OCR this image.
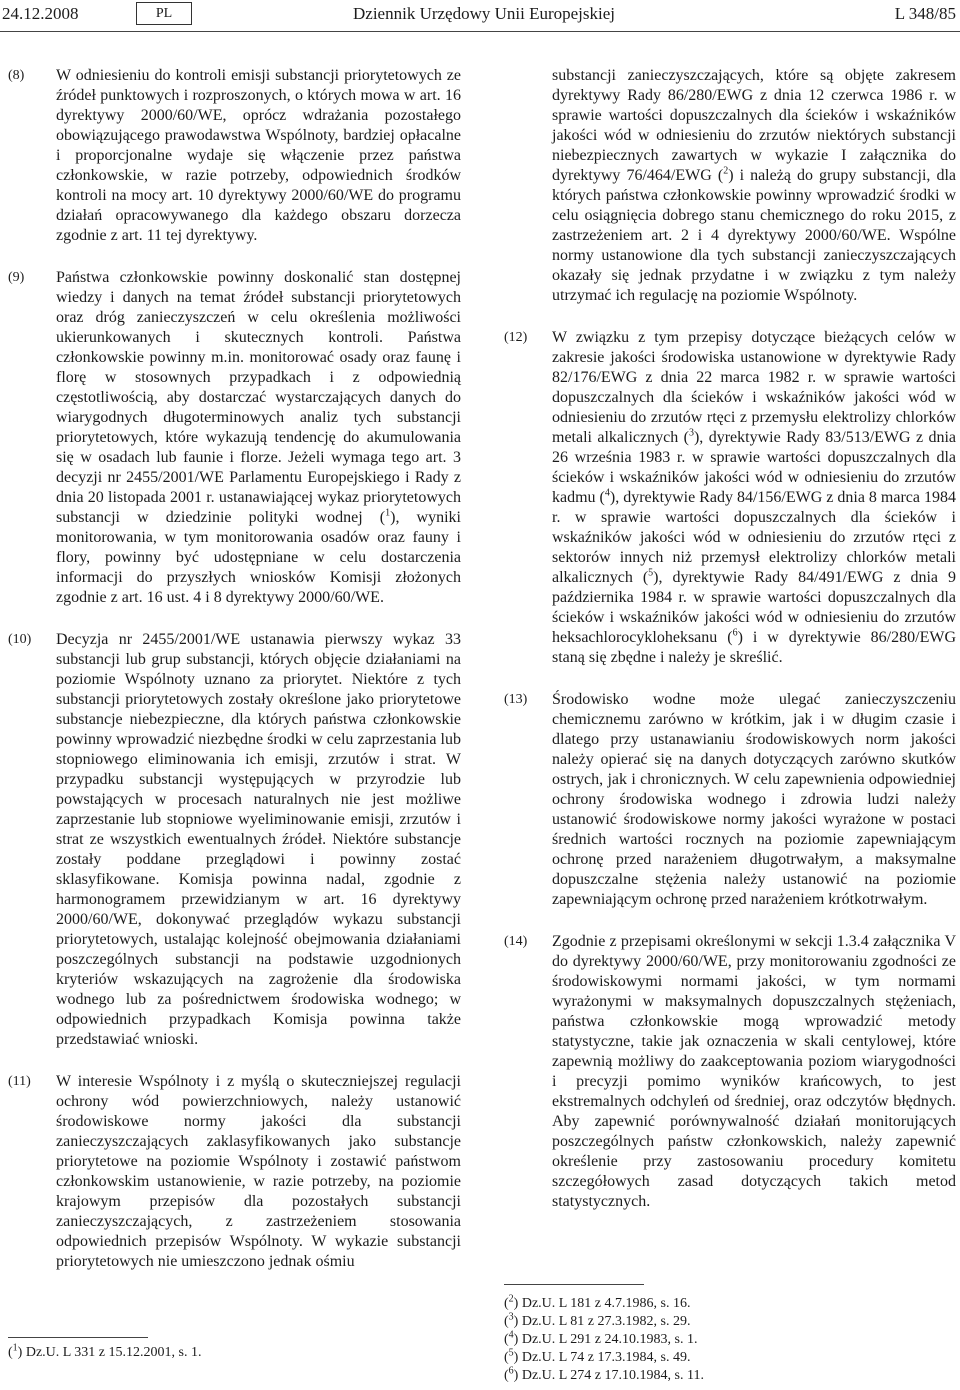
24.12.2008	PL	Dziennik Urzędowy Unii Europejskiej	L 348/85
(8) W odniesieniu do kontroli emisji substancji priorytetowych ze źródeł punktowych i rozproszonych, o których mowa w art. 16 dyrektywy 2000/60/WE, oprócz wdrażania pozostałego obowiązującego prawodawstwa Wspólnoty, bardziej opłacalne i proporcjonalne wydaje się włączenie przez państwa członkowskie, w razie potrzeby, odpowiednich środków kontroli na mocy art. 10 dyrektywy 2000/60/WE do programu działań opracowywanego dla każdego obszaru dorzecza zgodnie z art. 11 tej dyrektywy.

(9) Państwa członkowskie powinny doskonalić stan dostępnej wiedzy i danych na temat źródeł substancji priorytetowych oraz dróg zanieczyszczeń w celu określenia możliwości ukierunkowanych i skutecznych kontroli. Państwa członkowskie powinny m.in. monitorować osady oraz faunę i florę w stosownych przypadkach i z odpowiednią częstotliwością, aby dostarczać wystarczających danych do wiarygodnych długoterminowych analiz tych substancji priorytetowych, które wykazują tendencję do akumulowania się w osadach lub faunie i florze. Jeżeli wymaga tego art. 3 decyzji nr 2455/2001/WE Parlamentu Europejskiego i Rady z dnia 20 listopada 2001 r. ustanawiającej wykaz priorytetowych substancji w dziedzinie polityki wodnej ($^1$), wyniki monitorowania, w tym monitorowania osadów oraz fauny i flory, powinny być udostępniane w celu dostarczenia informacji do przyszłych wniosków Komisji złożonych zgodnie z art. 16 ust. 4 i 8 dyrektywy 2000/60/WE.

(10) Decyzja nr 2455/2001/WE ustanawia pierwszy wykaz 33 substancji lub grup substancji, których objęcie działaniami na poziomie Wspólnoty uznano za priorytet. Niektóre z tych substancji priorytetowych zostały określone jako priorytetowe substancje niebezpieczne, dla których państwa członkowskie powinny wprowadzić niezbędne środki w celu zaprzestania lub stopniowego eliminowania ich emisji, zrzutów i strat. W przypadku substancji występujących w przyrodzie lub powstających w procesach naturalnych nie jest możliwe zaprzestanie lub stopniowe wyeliminowanie emisji, zrzutów i strat ze wszystkich ewentualnych źródeł. Niektóre substancje zostały poddane przeglądowi i powinny zostać sklasyfikowane. Komisja powinna nadal, zgodnie z harmonogramem przewidzianym w art. 16 dyrektywy 2000/60/WE, dokonywać przeglądów wykazu substancji priorytetowych, ustalając kolejność obejmowania działaniami poszczególnych substancji na podstawie uzgodnionych kryteriów wskazujących na zagrożenie dla środowiska wodnego lub za pośrednictwem środowiska wodnego; w odpowiednich przypadkach Komisja powinna także przedstawiać wnioski.

(11) W interesie Wspólnoty i z myślą o skuteczniejszej regulacji ochrony wód powierzchniowych, należy ustanowić środowiskowe normy jakości dla substancji zanieczyszczających zaklasyfikowanych jako substancje priorytetowe na poziomie Wspólnoty i zostawić państwom członkowskim ustanowienie, w razie potrzeby, na poziomie krajowym przepisów dla pozostałych substancji zanieczyszczających, z zastrzeżeniem stosowania odpowiednich przepisów Wspólnoty. W wykazie substancji priorytetowych nie umieszczono jednak ośmiu

($^1$) Dz.U. L 331 z 15.12.2001, s. 1.

substancji zanieczyszczających, które są objęte zakresem dyrektywy Rady 86/280/EWG z dnia 12 czerwca 1986 r. w sprawie wartości dopuszczalnych dla ścieków i wskaźników jakości wód w odniesieniu do zrzutów niektórych substancji niebezpiecznych zawartych w wykazie I załącznika do dyrektywy 76/464/EWG ($^2$) i należą do grupy substancji, dla których państwa członkowskie powinny wprowadzić środki w celu osiągnięcia dobrego stanu chemicznego do roku 2015, z zastrzeżeniem art. 2 i 4 dyrektywy 2000/60/WE. Wspólne normy ustanowione dla tych substancji zanieczyszczających okazały się jednak przydatne i w związku z tym należy utrzymać ich regulację na poziomie Wspólnoty.

(12) W związku z tym przepisy dotyczące bieżących celów w zakresie jakości środowiska ustanowione w dyrektywie Rady 82/176/EWG z dnia 22 marca 1982 r. w sprawie wartości dopuszczalnych dla ścieków i wskaźników jakości wód w odniesieniu do zrzutów rtęci z przemysłu elektrolizy chlorków metali alkalicznych ($^3$), dyrektywie Rady 83/513/EWG z dnia 26 września 1983 r. w sprawie wartości dopuszczalnych dla ścieków i wskaźników jakości wód w odniesieniu do zrzutów kadmu ($^4$), dyrektywie Rady 84/156/EWG z dnia 8 marca 1984 r. w sprawie wartości dopuszczalnych dla ścieków i wskaźników jakości wód w odniesieniu do zrzutów rtęci z sektorów innych niż przemysł elektrolizy chlorków metali alkalicznych ($^5$), dyrektywie Rady 84/491/EWG z dnia 9 października 1984 r. w sprawie wartości dopuszczalnych dla ścieków i wskaźników jakości wód w odniesieniu do zrzutów heksachlorocykloheksanu ($^6$) i w dyrektywie 86/280/EWG staną się zbędne i należy je skreślić.

(13) Środowisko wodne może ulegać zanieczyszczeniu chemicznemu zarówno w krótkim, jak i w długim czasie i dlatego przy ustanawianiu środowiskowych norm jakości należy opierać się na danych dotyczących zarówno skutków ostrych, jak i chronicznych. W celu zapewnienia odpowiedniej ochrony środowiska wodnego i zdrowia ludzi należy ustanowić środowiskowe normy jakości wyrażone w postaci średnich wartości rocznych na poziomie zapewniającym ochronę przed narażeniem długotrwałym, a maksymalne dopuszczalne stężenia należy ustanowić na poziomie zapewniającym ochronę przed narażeniem krótkotrwałym.

(14) Zgodnie z przepisami określonymi w sekcji 1.3.4 załącznika V do dyrektywy 2000/60/WE, przy monitorowaniu zgodności ze środowiskowymi normami jakości, w tym normami wyrażonymi w maksymalnych dopuszczalnych stężeniach, państwa członkowskie mogą wprowadzić metody statystyczne, takie jak oznaczenia w skali centylowej, które zapewnią możliwy do zaakceptowania poziom wiarygodności i precyzji pomimo wyników krańcowych, to jest ekstremalnych odchyleń od średniej, oraz odczytów błędnych. Aby zapewnić porównywalność działań monitorujących poszczególnych państw członkowskich, należy zapewnić określenie przy zastosowaniu procedury komitetu szczegółowych zasad dotyczących takich metod statystycznych.

($^2$) Dz.U. L 181 z 4.7.1986, s. 16.

($^3$) Dz.U. L 81 z 27.3.1982, s. 29.

($^4$) Dz.U. L 291 z 24.10.1983, s. 1.

($^5$) Dz.U. L 74 z 17.3.1984, s. 49.

($^6$) Dz.U. L 274 z 17.10.1984, s. 11.
